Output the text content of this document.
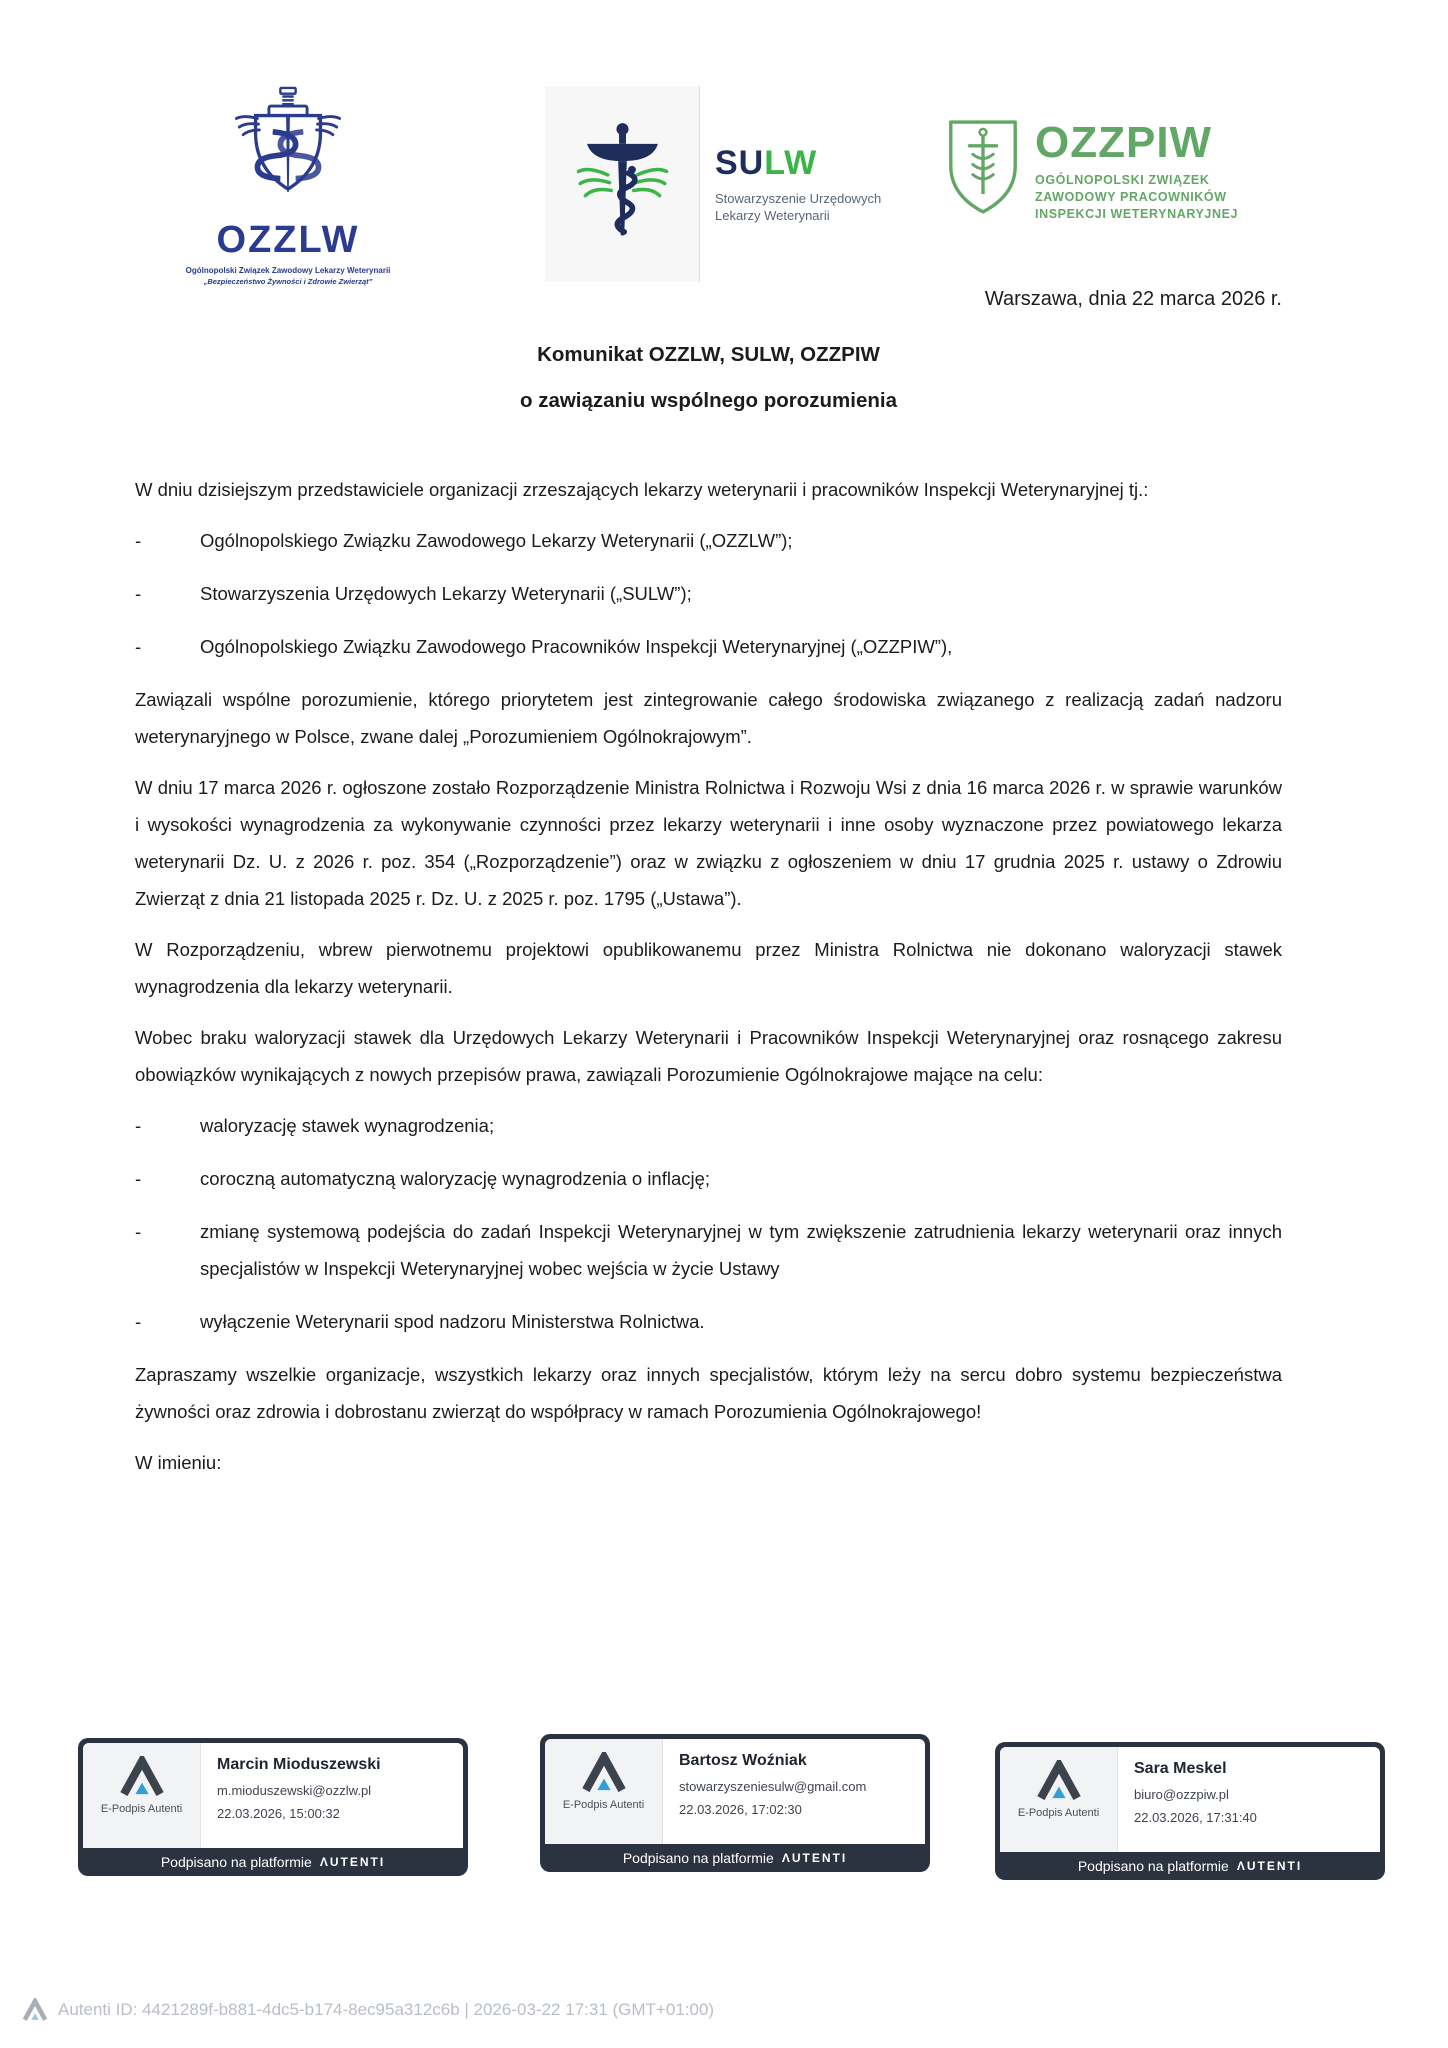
OZZLW
Ogólnopolski Związek Zawodowy Lekarzy Weterynarii
„Bezpieczeństwo Żywności i Zdrowie Zwierząt”
SULW
Stowarzyszenie Urzędowych
Lekarzy Weterynarii
OZZPIW
OGÓLNOPOLSKI ZWIĄZEK
ZAWODOWY PRACOWNIKÓW
INSPEKCJI WETERYNARYJNEJ
Warszawa, dnia 22 marca 2026 r.
Komunikat OZZLW, SULW, OZZPIW
o zawiązaniu wspólnego porozumienia

W dniu dzisiejszym przedstawiciele organizacji zrzeszających lekarzy weterynarii i pracowników Inspekcji Weterynaryjnej tj.:

-	Ogólnopolskiego Związku Zawodowego Lekarzy Weterynarii („OZZLW”);
-	Stowarzyszenia Urzędowych Lekarzy Weterynarii („SULW”);
-	Ogólnopolskiego Związku Zawodowego Pracowników Inspekcji Weterynaryjnej („OZZPIW”),

Zawiązali wspólne porozumienie, którego priorytetem jest zintegrowanie całego środowiska związanego z realizacją zadań nadzoru weterynaryjnego w Polsce, zwane dalej „Porozumieniem Ogólnokrajowym”.

W dniu 17 marca 2026 r. ogłoszone zostało Rozporządzenie Ministra Rolnictwa i Rozwoju Wsi z dnia 16 marca 2026 r. w sprawie warunków i wysokości wynagrodzenia za wykonywanie czynności przez lekarzy weterynarii i inne osoby wyznaczone przez powiatowego lekarza weterynarii Dz. U. z 2026 r. poz. 354 („Rozporządzenie”) oraz w związku z ogłoszeniem w dniu 17 grudnia 2025 r. ustawy o Zdrowiu Zwierząt z dnia 21 listopada 2025 r. Dz. U. z 2025 r. poz. 1795 („Ustawa”).

W Rozporządzeniu, wbrew pierwotnemu projektowi opublikowanemu przez Ministra Rolnictwa nie dokonano waloryzacji stawek wynagrodzenia dla lekarzy weterynarii.

Wobec braku waloryzacji stawek dla Urzędowych Lekarzy Weterynarii i Pracowników Inspekcji Weterynaryjnej oraz rosnącego zakresu obowiązków wynikających z nowych przepisów prawa, zawiązali Porozumienie Ogólnokrajowe mające na celu:

-	waloryzację stawek wynagrodzenia;
-	coroczną automatyczną waloryzację wynagrodzenia o inflację;
-	zmianę systemową podejścia do zadań Inspekcji Weterynaryjnej w tym zwiększenie zatrudnienia lekarzy weterynarii oraz innych specjalistów w Inspekcji Weterynaryjnej wobec wejścia w życie Ustawy
-	wyłączenie Weterynarii spod nadzoru Ministerstwa Rolnictwa.

Zapraszamy wszelkie organizacje, wszystkich lekarzy oraz innych specjalistów, którym leży na sercu dobro systemu bezpieczeństwa żywności oraz zdrowia i dobrostanu zwierząt do współpracy w ramach Porozumienia Ogólnokrajowego!

W imieniu:
E-Podpis Autenti
Marcin Mioduszewski
m.mioduszewski@ozzlw.pl
22.03.2026, 15:00:32
Podpisano na platformie ΛUTENTI
E-Podpis Autenti
Bartosz Woźniak
stowarzyszeniesulw@gmail.com
22.03.2026, 17:02:30
Podpisano na platformie ΛUTENTI
E-Podpis Autenti
Sara Meskel
biuro@ozzpiw.pl
22.03.2026, 17:31:40
Podpisano na platformie ΛUTENTI
Autenti ID: 4421289f-b881-4dc5-b174-8ec95a312c6b | 2026-03-22 17:31 (GMT+01:00)
